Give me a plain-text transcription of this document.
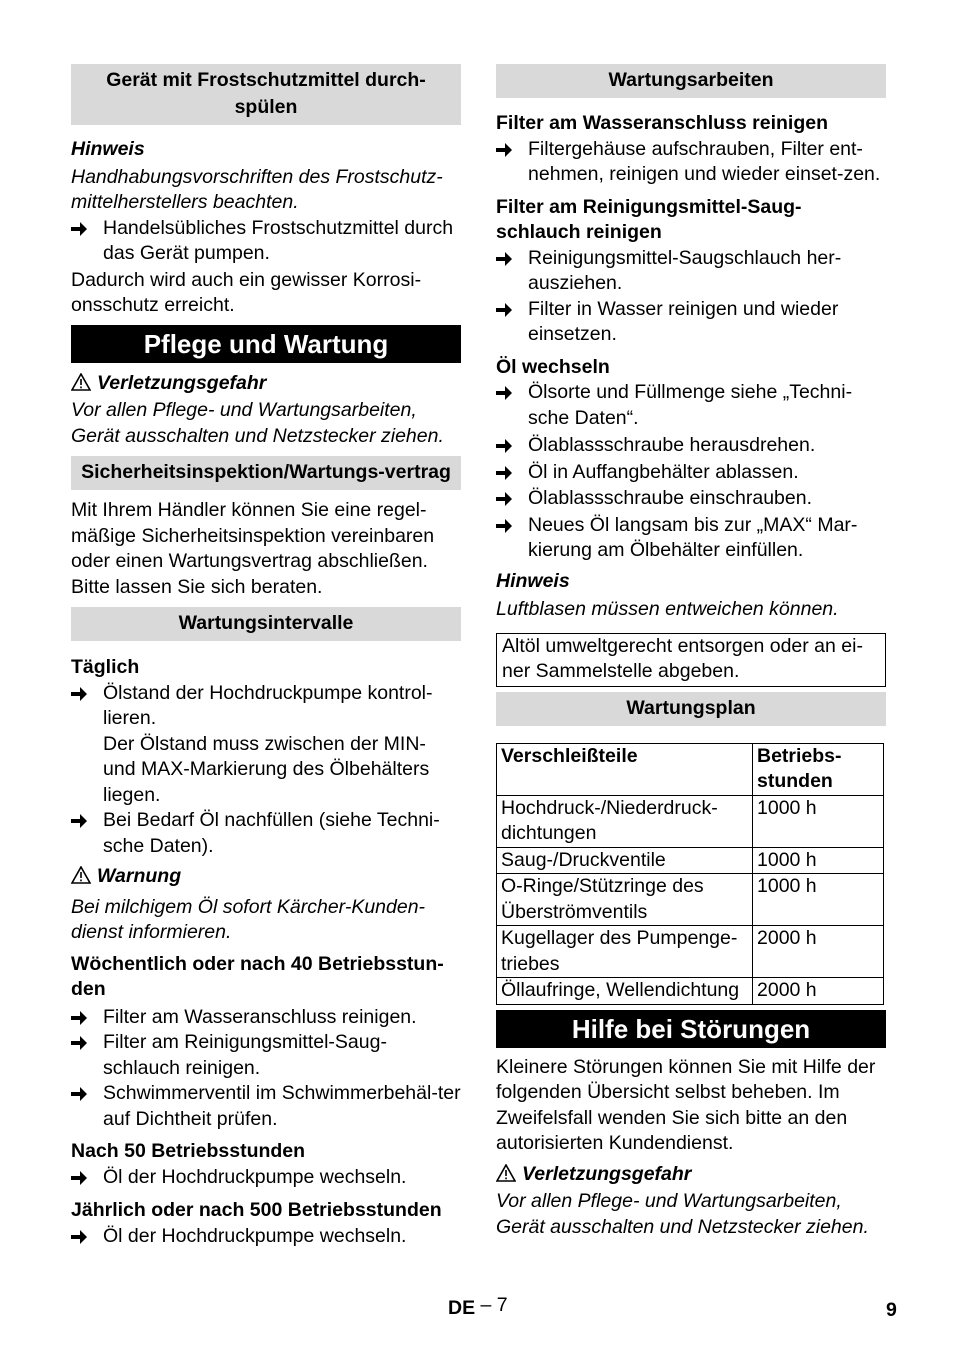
Gerät mit Frostschutzmittel durch-spülen

Hinweis

Handhabungsvorschriften des Frostschutz-mittelherstellers beachten.

Handelsübliches Frostschutzmittel durch das Gerät pumpen.

Dadurch wird auch ein gewisser Korrosi-onsschutz erreicht.

Pflege und Wartung

Verletzungsgefahr

Vor allen Pflege- und Wartungsarbeiten, Gerät ausschalten und Netzstecker ziehen.

Sicherheitsinspektion/Wartungs-vertrag

Mit Ihrem Händler können Sie eine regel-mäßige Sicherheitsinspektion vereinbaren oder einen Wartungsvertrag abschließen. Bitte lassen Sie sich beraten.

Wartungsintervalle

Täglich

Ölstand der Hochdruckpumpe kontrol-lieren.

Der Ölstand muss zwischen der MIN- und MAX-Markierung des Ölbehälters liegen.

Bei Bedarf Öl nachfüllen (siehe Techni-sche Daten).

Warnung

Bei milchigem Öl sofort Kärcher-Kunden-dienst informieren.

Wöchentlich oder nach 40 Betriebsstun-den

Filter am Wasseranschluss reinigen.
Filter am Reinigungsmittel-Saug-schlauch reinigen.
Schwimmerventil im Schwimmerbehäl-ter auf Dichtheit prüfen.

Nach 50 Betriebsstunden

Öl der Hochdruckpumpe wechseln.

Jährlich oder nach 500 Betriebsstunden

Öl der Hochdruckpumpe wechseln.
Wartungsarbeiten

Filter am Wasseranschluss reinigen

Filtergehäuse aufschrauben, Filter ent-nehmen, reinigen und wieder einset-zen.

Filter am Reinigungsmittel-Saug-schlauch reinigen

Reinigungsmittel-Saugschlauch her-ausziehen.
Filter in Wasser reinigen und wieder einsetzen.

Öl wechseln

Ölsorte und Füllmenge siehe „Techni-sche Daten“.
Ölablassschraube herausdrehen.
Öl in Auffangbehälter ablassen.
Ölablassschraube einschrauben.
Neues Öl langsam bis zur „MAX“ Mar-kierung am Ölbehälter einfüllen.

Hinweis

Luftblasen müssen entweichen können.

Altöl umweltgerecht entsorgen oder an ei-ner Sammelstelle abgeben.
Wartungsplan
Verschleißteile	Betriebs-stunden
Hochdruck-/Niederdruck-dichtungen	1000 h
Saug-/Druckventile	1000 h
O-Ringe/Stützringe des Überströmventils	1000 h
Kugellager des Pumpenge-triebes	2000 h
Öllaufringe, Wellendichtung	2000 h
Hilfe bei Störungen

Kleinere Störungen können Sie mit Hilfe der folgenden Übersicht selbst beheben. Im Zweifelsfall wenden Sie sich bitte an den autorisierten Kundendienst.

Verletzungsgefahr

Vor allen Pflege- und Wartungsarbeiten, Gerät ausschalten und Netzstecker ziehen.

DE – 7	9
